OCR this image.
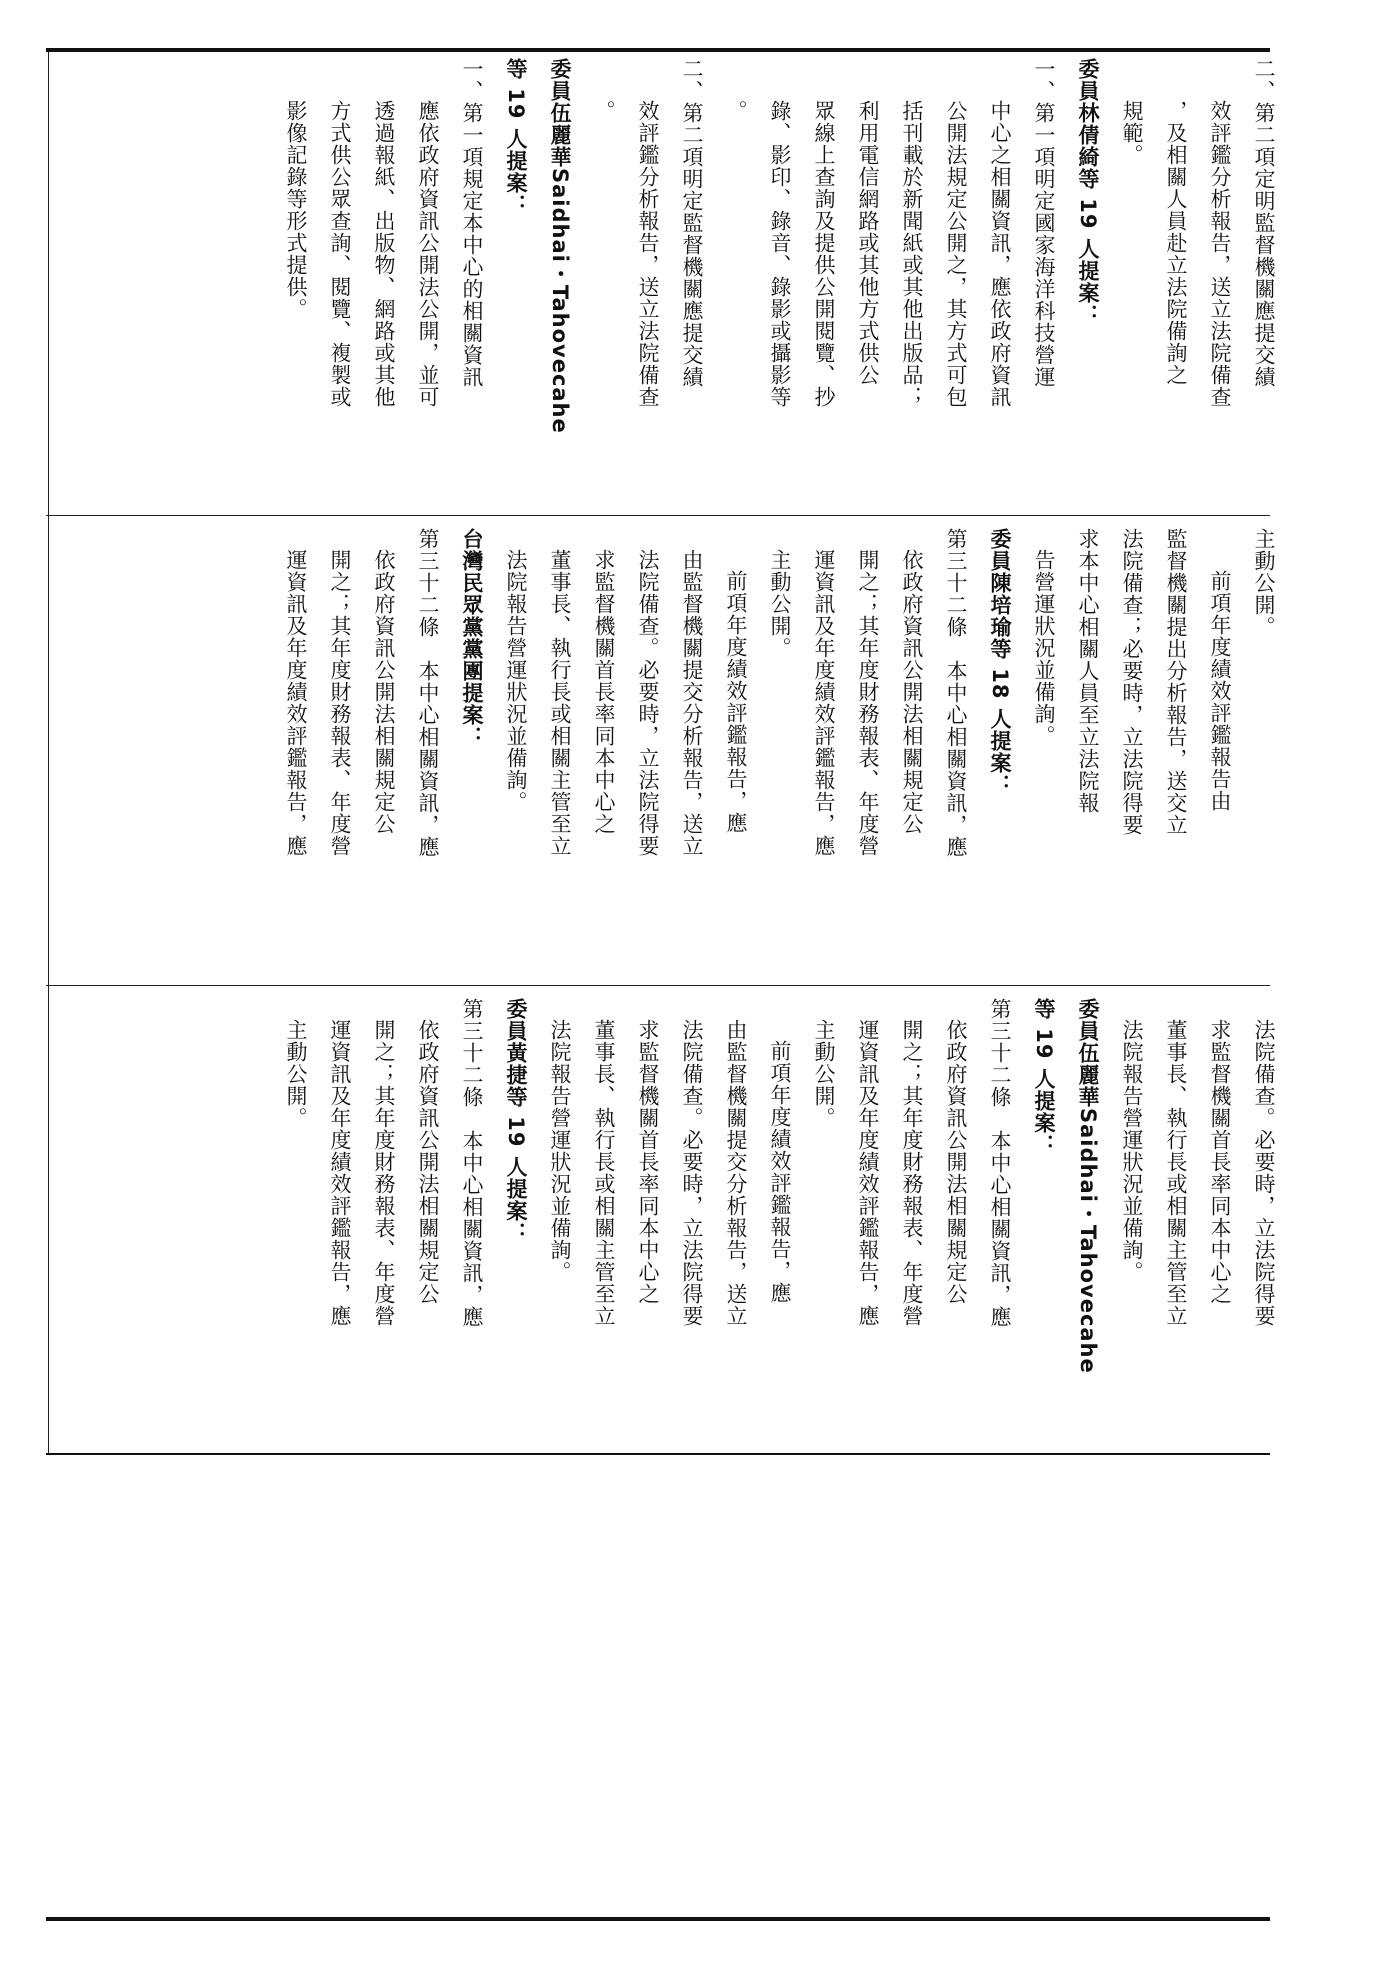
二、第二項定明監督機關應提交績
效評鑑分析報告，送立法院備查
，及相關人員赴立法院備詢之
規範。
委員林倩綺等 19 人提案：
一、第一項明定國家海洋科技營運
中心之相關資訊，應依政府資訊
公開法規定公開之，其方式可包
括刊載於新聞紙或其他出版品；
利用電信網路或其他方式供公
眾線上查詢及提供公開閱覽、抄
錄、影印、錄音、錄影或攝影等
。
二、第二項明定監督機關應提交績
效評鑑分析報告，送立法院備查
。
委員伍麗華Saidhai・Tahovecahe
等 19 人提案：
一、第一項規定本中心的相關資訊
應依政府資訊公開法公開，並可
透過報紙、出版物、網路或其他
方式供公眾查詢、閱覽、複製或
影像記錄等形式提供。
主動公開。
前項年度績效評鑑報告由
監督機關提出分析報告，送交立
法院備查；必要時，立法院得要
求本中心相關人員至立法院報
告營運狀況並備詢。
委員陳培瑜等 18 人提案：
第三十二條　本中心相關資訊，應
依政府資訊公開法相關規定公
開之；其年度財務報表、年度營
運資訊及年度績效評鑑報告，應
主動公開。
前項年度績效評鑑報告，應
由監督機關提交分析報告，送立
法院備查。必要時，立法院得要
求監督機關首長率同本中心之
董事長、執行長或相關主管至立
法院報告營運狀況並備詢。
台灣民眾黨黨團提案：
第三十二條　本中心相關資訊，應
依政府資訊公開法相關規定公
開之；其年度財務報表、年度營
運資訊及年度績效評鑑報告，應
法院備查。必要時，立法院得要
求監督機關首長率同本中心之
董事長、執行長或相關主管至立
法院報告營運狀況並備詢。
委員伍麗華Saidhai・Tahovecahe
等 19 人提案：
第三十二條　本中心相關資訊，應
依政府資訊公開法相關規定公
開之；其年度財務報表、年度營
運資訊及年度績效評鑑報告，應
主動公開。
前項年度績效評鑑報告，應
由監督機關提交分析報告，送立
法院備查。必要時，立法院得要
求監督機關首長率同本中心之
董事長、執行長或相關主管至立
法院報告營運狀況並備詢。
委員黃捷等 19 人提案：
第三十二條　本中心相關資訊，應
依政府資訊公開法相關規定公
開之；其年度財務報表、年度營
運資訊及年度績效評鑑報告，應
主動公開。
